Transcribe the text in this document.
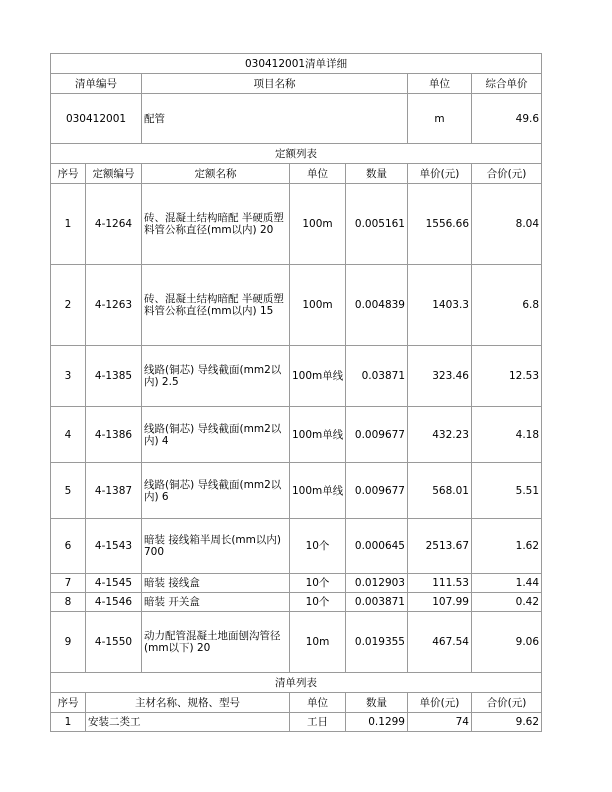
030412001清单详细						
清单编号		项目名称			单位	综合单价
030412001		配管			m	49.6
定额列表						
序号	定额编号	定额名称	单位	数量	单价(元)	合价(元)
1	4-1264	砖、混凝土结构暗配 半硬质塑料管公称直径(mm以内) 20	100m	0.005161	1556.66	8.04
2	4-1263	砖、混凝土结构暗配 半硬质塑料管公称直径(mm以内) 15	100m	0.004839	1403.3	6.8
3	4-1385	线路(铜芯) 导线截面(mm2以内) 2.5	100m单线	0.03871	323.46	12.53
4	4-1386	线路(铜芯) 导线截面(mm2以内) 4	100m单线	0.009677	432.23	4.18
5	4-1387	线路(铜芯) 导线截面(mm2以内) 6	100m单线	0.009677	568.01	5.51
6	4-1543	暗装 接线箱半周长(mm以内) 700	10个	0.000645	2513.67	1.62
7	4-1545	暗装 接线盒	10个	0.012903	111.53	1.44
8	4-1546	暗装 开关盒	10个	0.003871	107.99	0.42
9	4-1550	动力配管混凝土地面刨沟管径(mm以下) 20	10m	0.019355	467.54	9.06
清单列表						
序号	主材名称、规格、型号		单位	数量	单价(元)	合价(元)
1	安装二类工		工日	0.1299	74	9.62
